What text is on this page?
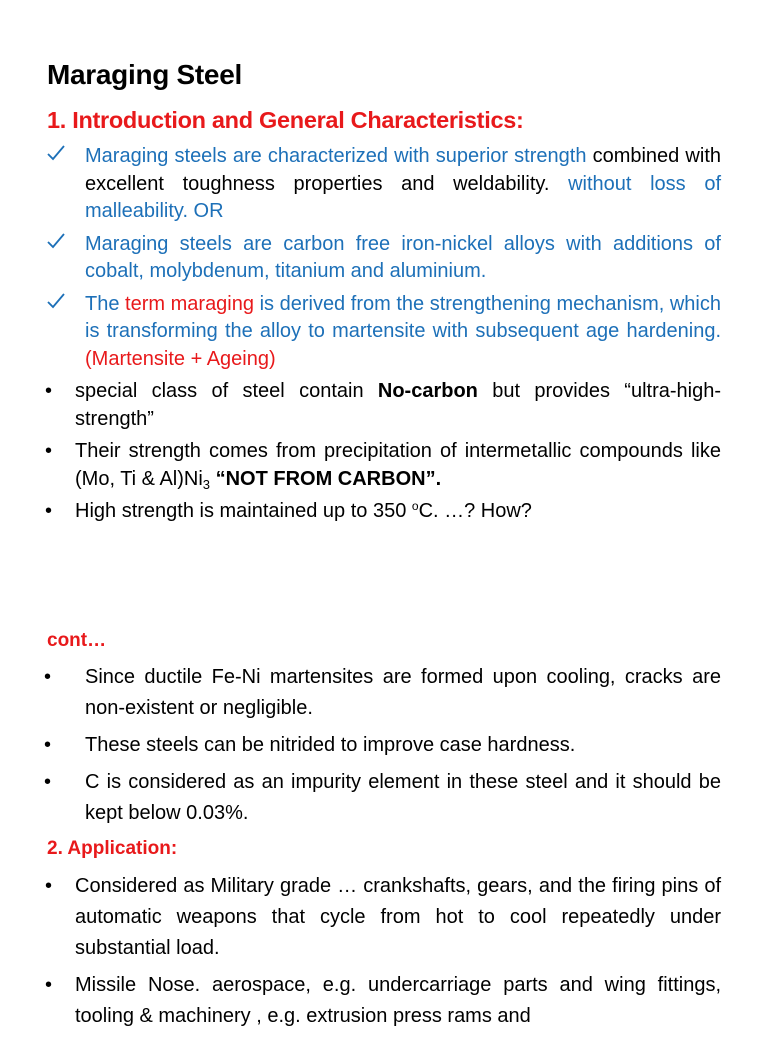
Maraging Steel
1. Introduction and General Characteristics:
Maraging steels are characterized with superior strength combined with excellent toughness properties and weldability. without loss of malleability. OR
Maraging steels are carbon free iron-nickel alloys with additions of cobalt, molybdenum, titanium and aluminium.
The term maraging is derived from the strengthening mechanism, which is transforming the alloy to martensite with subsequent age hardening. (Martensite + Ageing)
• special class of steel contain No-carbon but provides “ultra-high-strength”
• Their strength comes from precipitation of intermetallic compounds like (Mo, Ti & $Al)Ni_3$ “NOT FROM CARBON”.
• High strength is maintained up to 350 $^o$C. …? How?
cont…
• Since ductile Fe-Ni martensites are formed upon cooling, cracks are non-existent or negligible.
• These steels can be nitrided to improve case hardness.
• C is considered as an impurity element in these steel and it should be kept below 0.03%.
2. Application:
• Considered as Military grade … crankshafts, gears, and the firing pins of automatic weapons that cycle from hot to cool repeatedly under substantial load.
• Missile Nose. aerospace, e.g. undercarriage parts and wing fittings, tooling & machinery , e.g. extrusion press rams and
